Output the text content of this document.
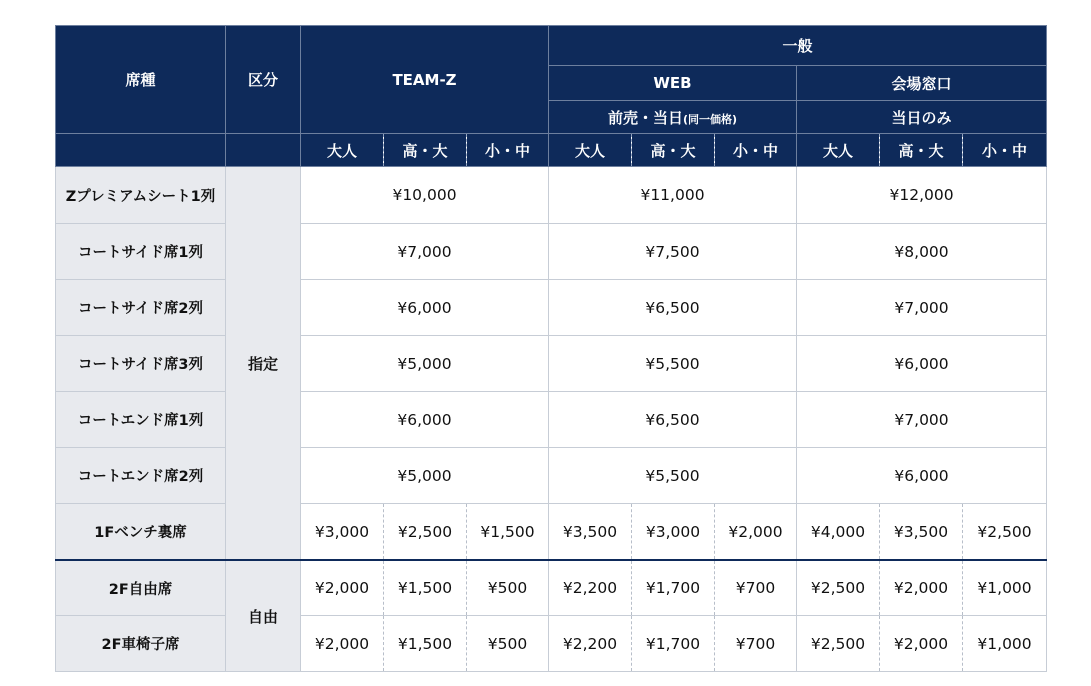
席種	区分	TEAM-Z			一般					
					WEB			会場窓口		
					前売・当日(同一価格)			当日のみ		
		大人	高・大	小・中	大人	高・大	小・中	大人	高・大	小・中
Zプレミアムシート1列	指定	¥10,000			¥11,000			¥12,000		
コートサイド席1列		¥7,000			¥7,500			¥8,000		
コートサイド席2列		¥6,000			¥6,500			¥7,000		
コートサイド席3列		¥5,000			¥5,500			¥6,000		
コートエンド席1列		¥6,000			¥6,500			¥7,000		
コートエンド席2列		¥5,000			¥5,500			¥6,000		
1Fベンチ裏席		¥3,000	¥2,500	¥1,500	¥3,500	¥3,000	¥2,000	¥4,000	¥3,500	¥2,500
2F自由席	自由	¥2,000	¥1,500	¥500	¥2,200	¥1,700	¥700	¥2,500	¥2,000	¥1,000
2F車椅子席		¥2,000	¥1,500	¥500	¥2,200	¥1,700	¥700	¥2,500	¥2,000	¥1,000
